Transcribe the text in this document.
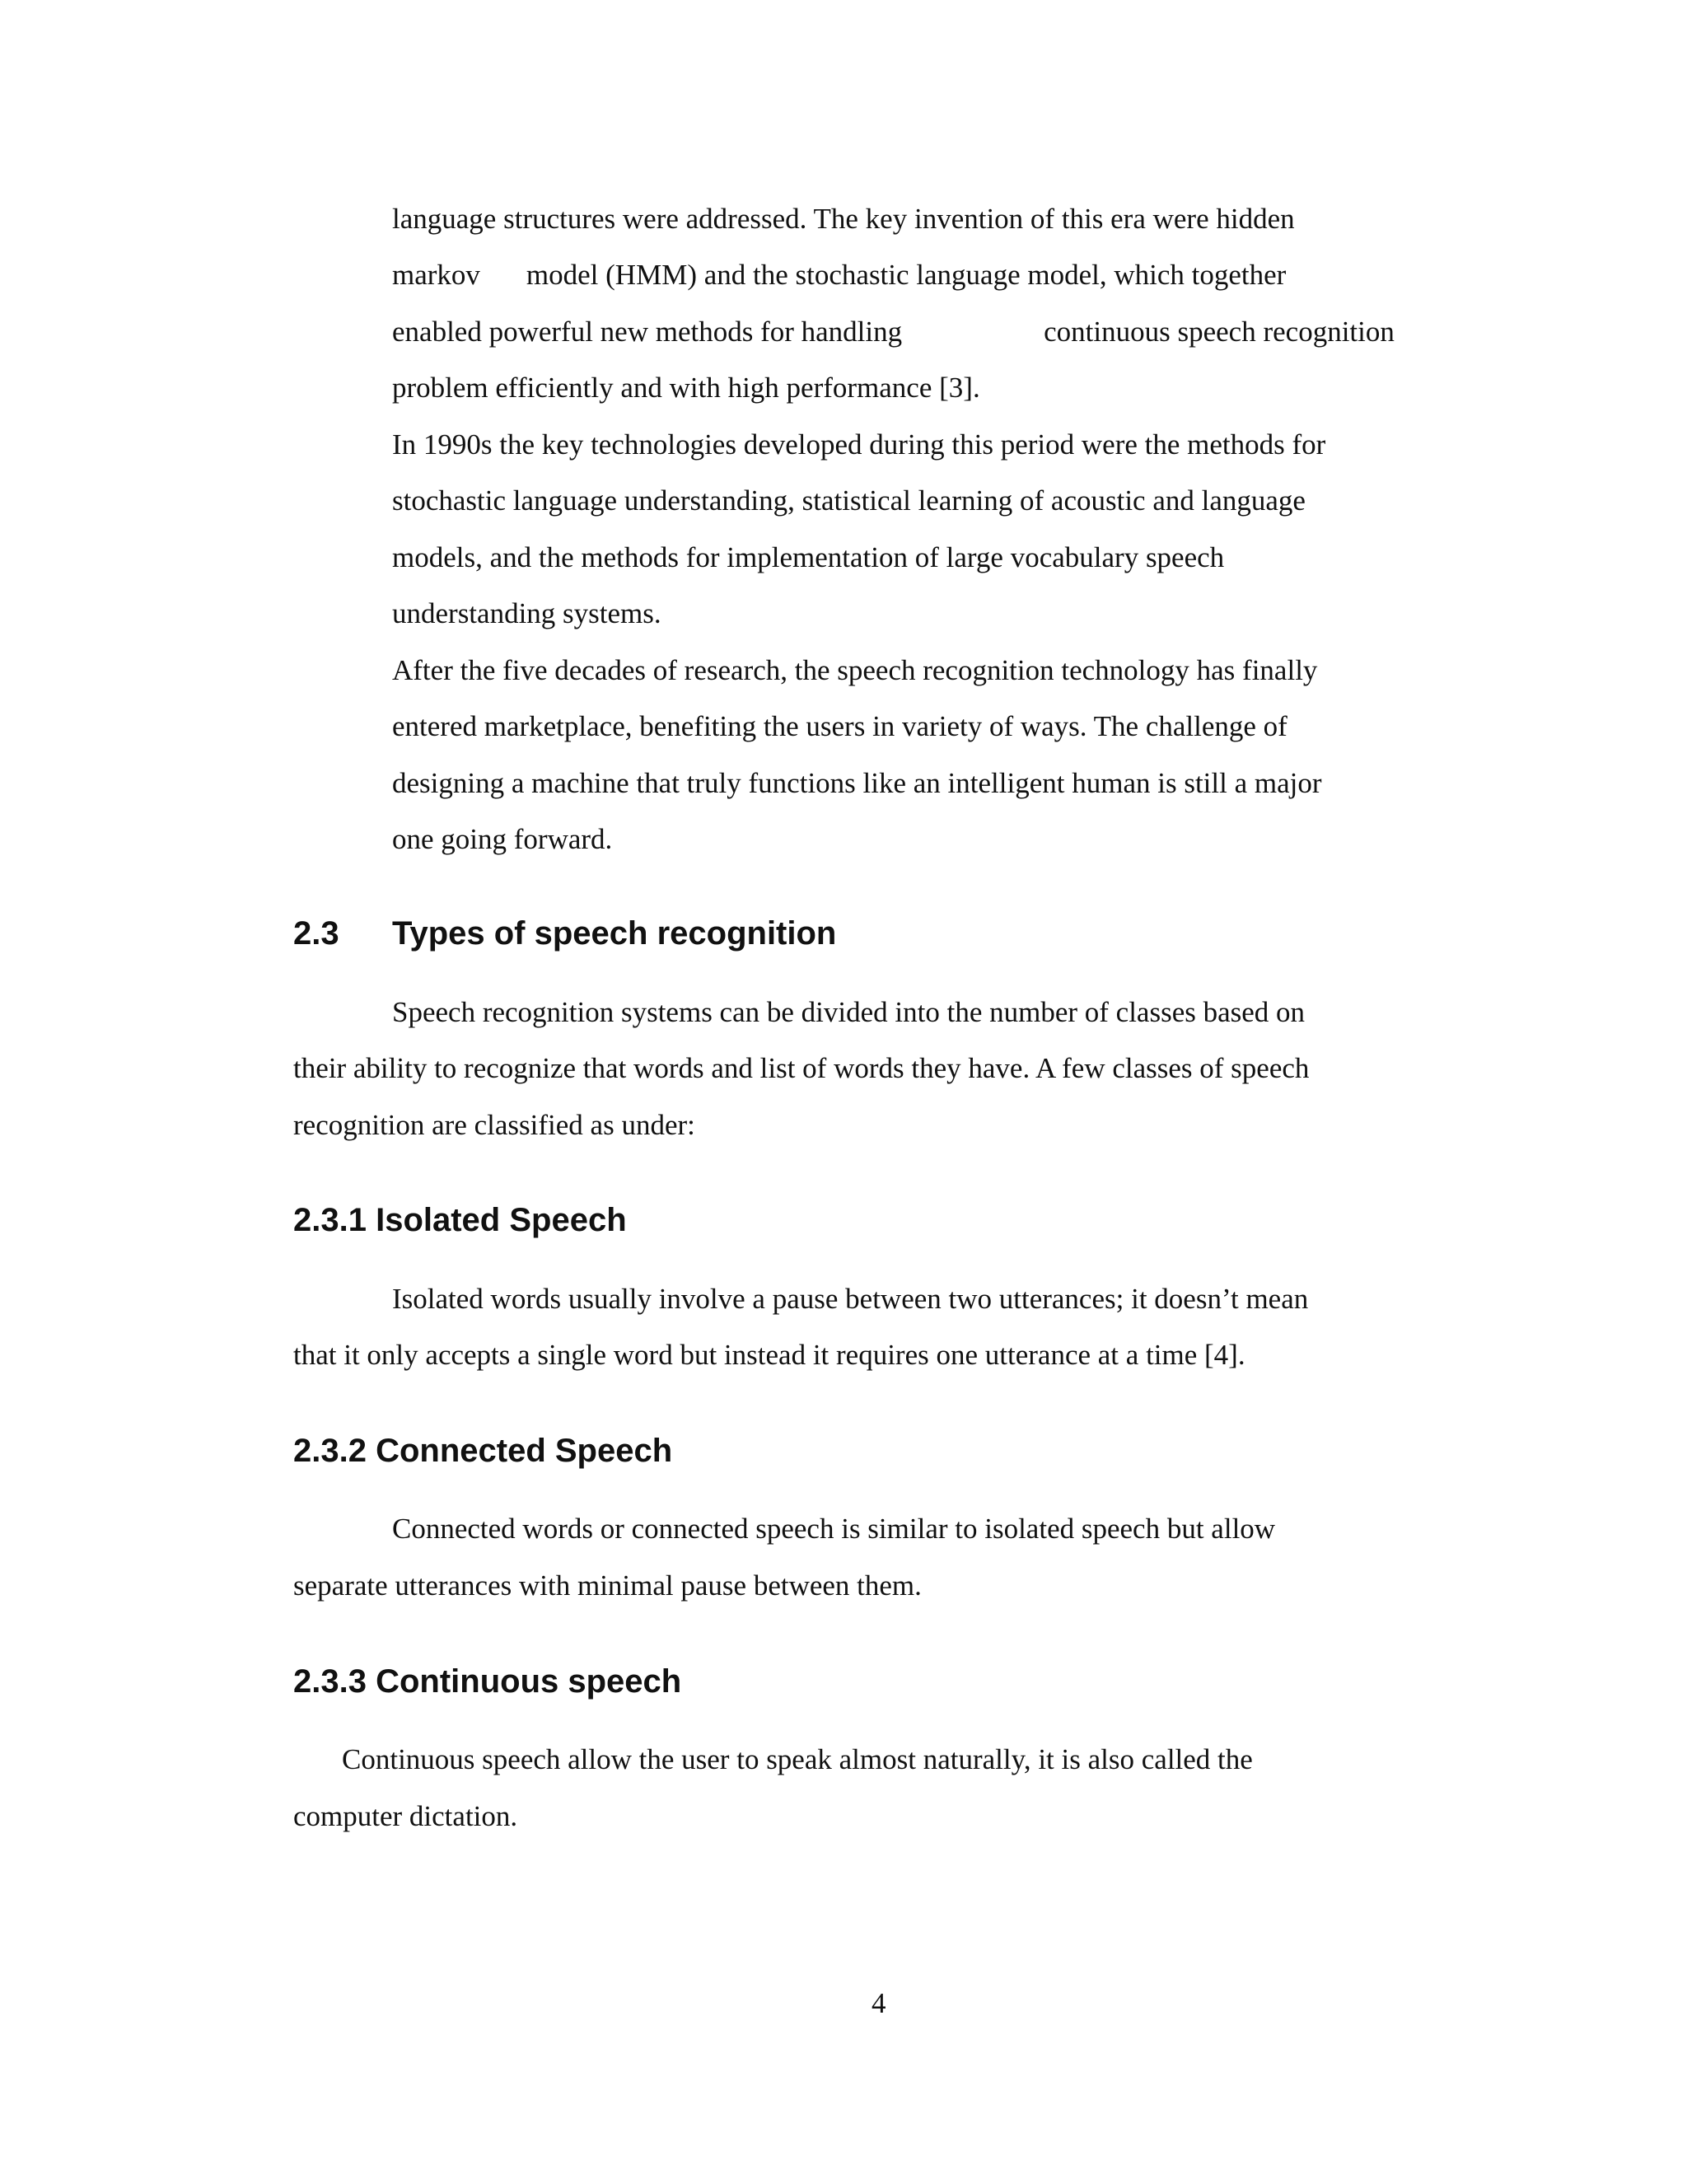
language structures were addressed. The key invention of this era were hidden
markov model (HMM) and the stochastic language model, which together
enabled powerful new methods for handling	continuous speech recognition
problem efficiently and with high performance [3].
In 1990s the key technologies developed during this period were the methods for
stochastic language understanding, statistical learning of acoustic and language
models, and the methods for implementation of large vocabulary speech
understanding systems.
After the five decades of research, the speech recognition technology has finally
entered marketplace, benefiting the users in variety of ways. The challenge of
designing a machine that truly functions like an intelligent human is still a major
one going forward.
2.3 Types of speech recognition
Speech recognition systems can be divided into the number of classes based on
their ability to recognize that words and list of words they have. A few classes of speech
recognition are classified as under:
2.3.1 Isolated Speech
Isolated words usually involve a pause between two utterances; it doesn’t mean
that it only accepts a single word but instead it requires one utterance at a time [4].
2.3.2 Connected Speech
Connected words or connected speech is similar to isolated speech but allow
separate utterances with minimal pause between them.
2.3.3 Continuous speech
Continuous speech allow the user to speak almost naturally, it is also called the
computer dictation.
4
